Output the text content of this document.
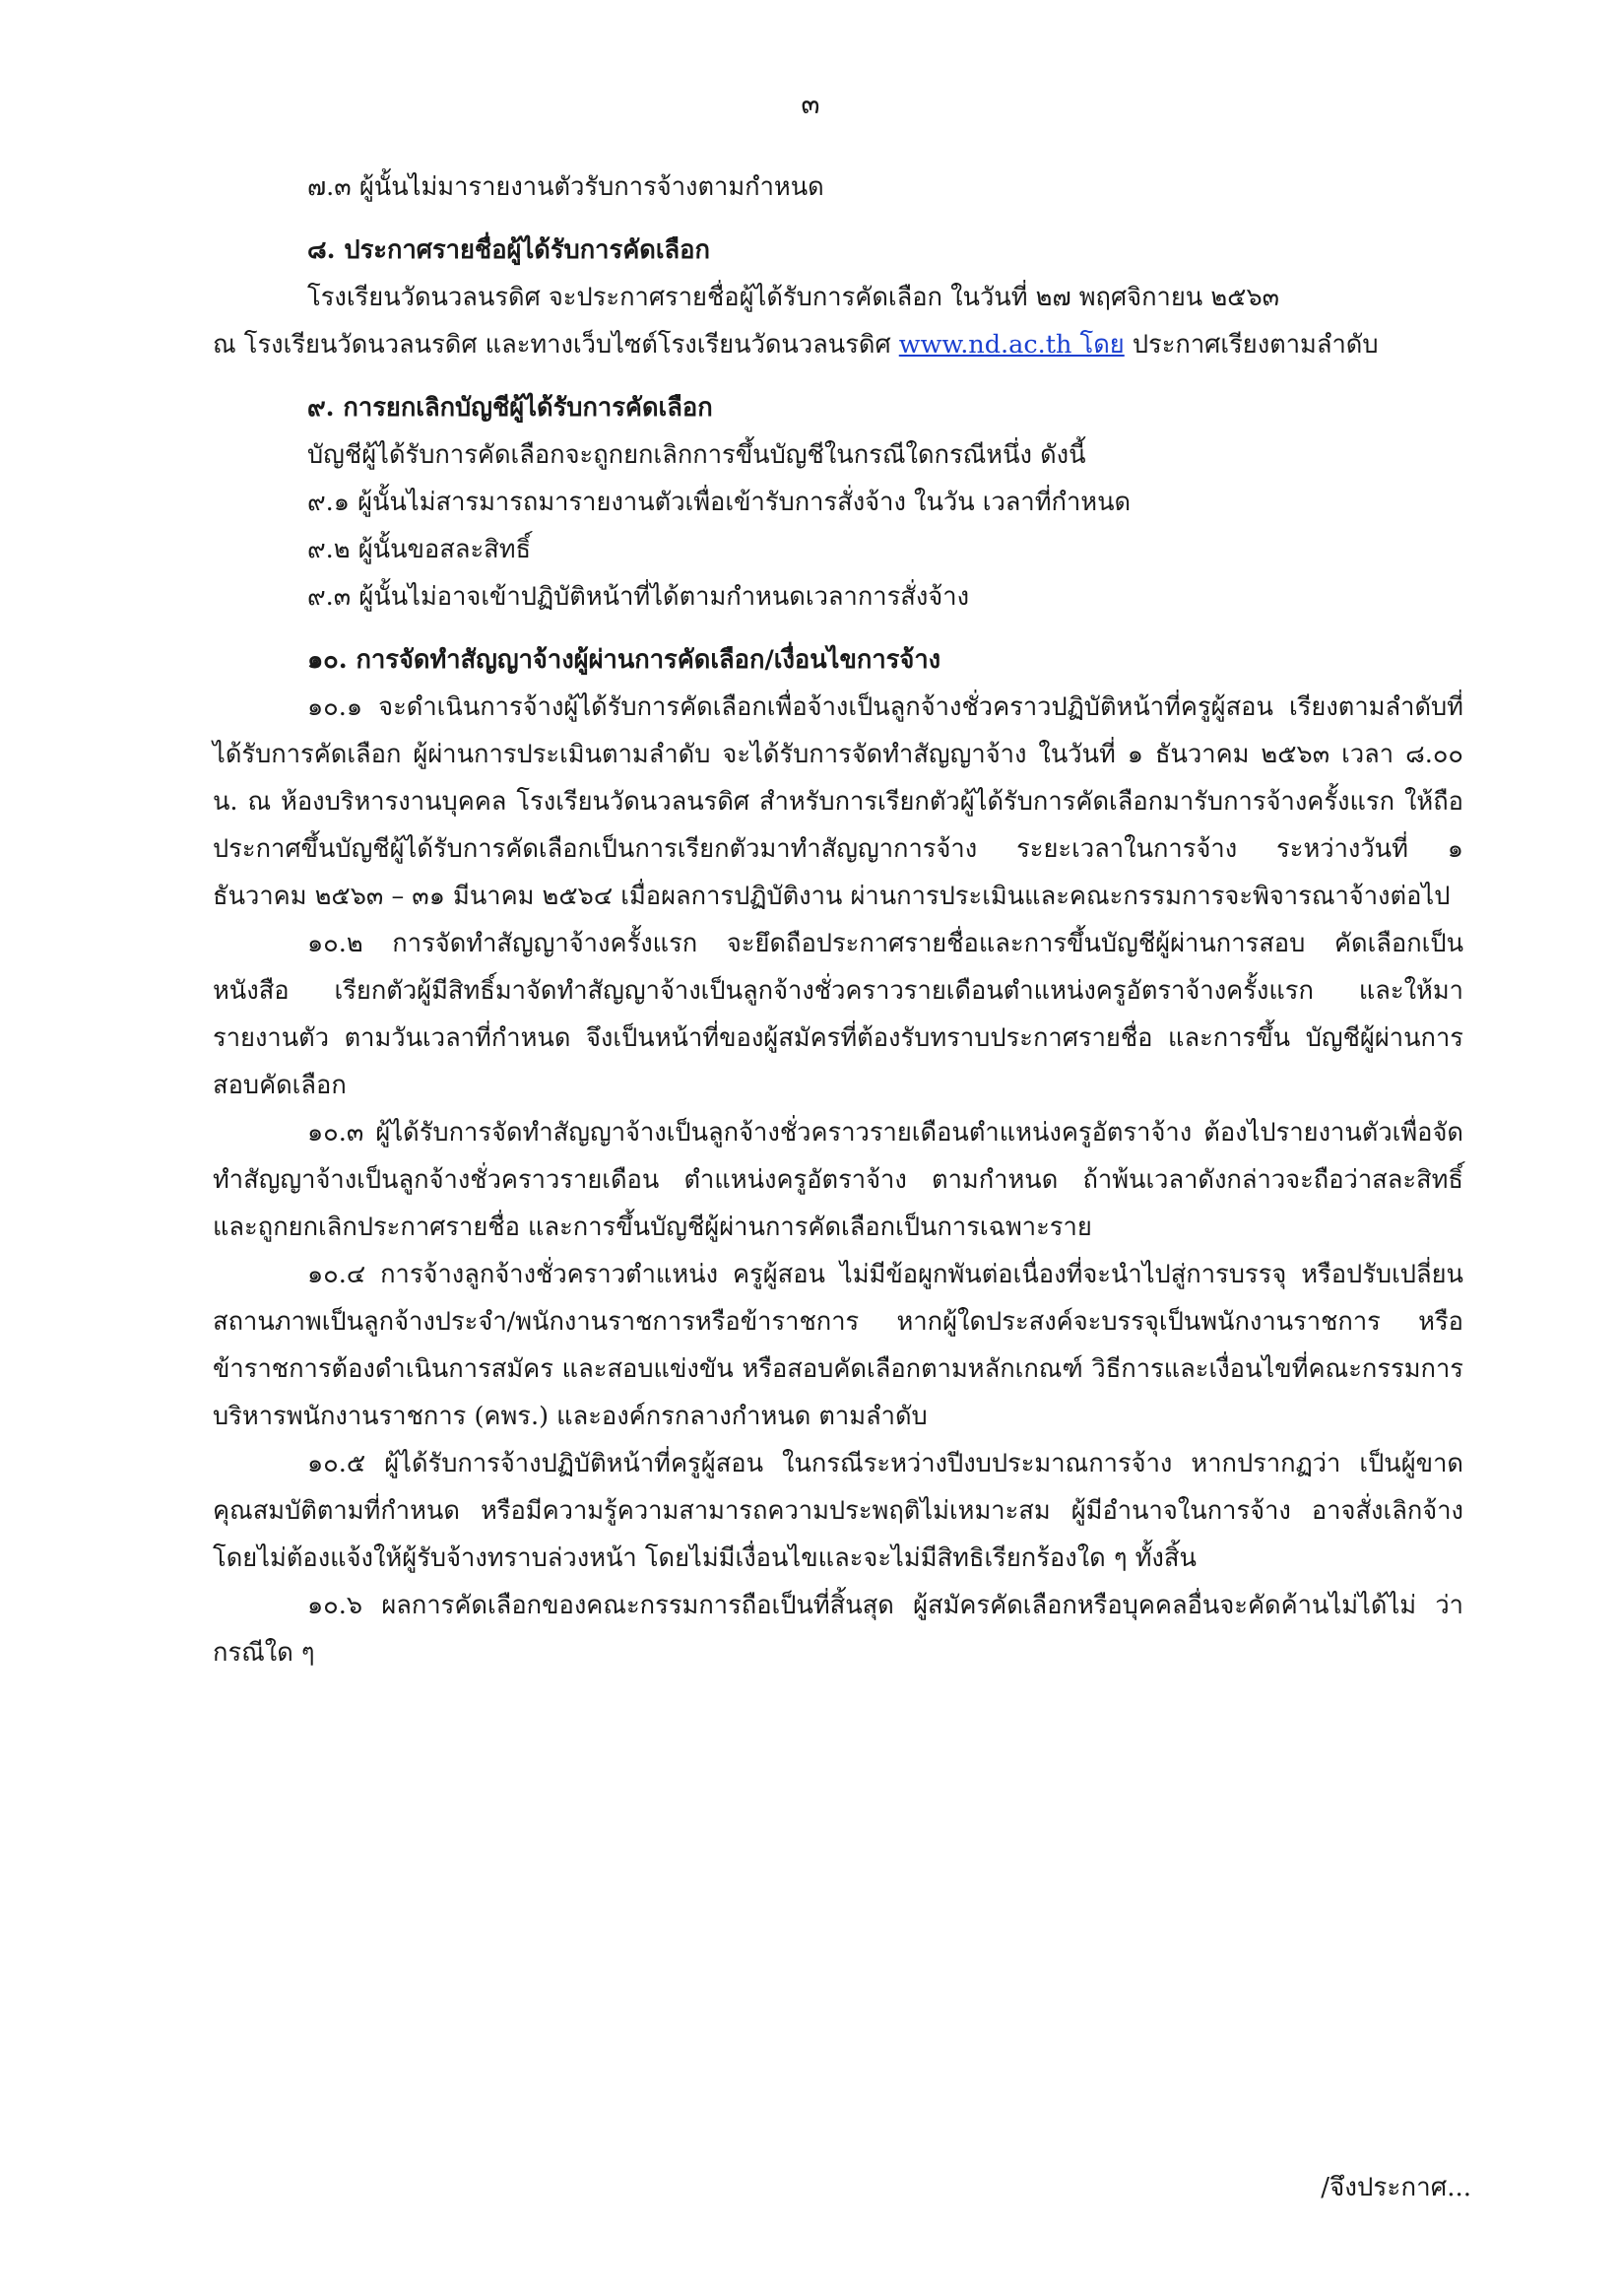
๓
๗.๓ ผู้นั้นไม่มารายงานตัวรับการจ้างตามกำหนด
๘. ประกาศรายชื่อผู้ได้รับการคัดเลือก
โรงเรียนวัดนวลนรดิศ จะประกาศรายชื่อผู้ได้รับการคัดเลือก ในวันที่ ๒๗ พฤศจิกายน ๒๕๖๓
ณ โรงเรียนวัดนวลนรดิศ และทางเว็บไซต์โรงเรียนวัดนวลนรดิศ www.nd.ac.th โดย ประกาศเรียงตามลำดับ
๙. การยกเลิกบัญชีผู้ได้รับการคัดเลือก
บัญชีผู้ได้รับการคัดเลือกจะถูกยกเลิกการขึ้นบัญชีในกรณีใดกรณีหนึ่ง ดังนี้
๙.๑ ผู้นั้นไม่สารมารถมารายงานตัวเพื่อเข้ารับการสั่งจ้าง ในวัน เวลาที่กำหนด
๙.๒ ผู้นั้นขอสละสิทธิ์
๙.๓ ผู้นั้นไม่อาจเข้าปฏิบัติหน้าที่ได้ตามกำหนดเวลาการสั่งจ้าง
๑๐. การจัดทำสัญญาจ้างผู้ผ่านการคัดเลือก/เงื่อนไขการจ้าง

๑๐.๑ จะดำเนินการจ้างผู้ได้รับการคัดเลือกเพื่อจ้างเป็นลูกจ้างชั่วคราวปฏิบัติหน้าที่ครูผู้สอน เรียงตามลำดับที่ได้รับการคัดเลือก ผู้ผ่านการประเมินตามลำดับ จะได้รับการจัดทำสัญญาจ้าง ในวันที่ ๑ ธันวาคม ๒๕๖๓ เวลา ๘.๐๐ น. ณ ห้องบริหารงานบุคคล โรงเรียนวัดนวลนรดิศ สำหรับการเรียกตัวผู้ได้รับการคัดเลือกมารับการจ้างครั้งแรก ให้ถือประกาศขึ้นบัญชีผู้ได้รับการคัดเลือกเป็นการเรียกตัวมาทำสัญญาการจ้าง ระยะเวลาในการจ้าง ระหว่างวันที่ ๑ ธันวาคม ๒๕๖๓ – ๓๑ มีนาคม ๒๕๖๔ เมื่อผลการปฏิบัติงาน ผ่านการประเมินและคณะกรรมการจะพิจารณาจ้างต่อไป

๑๐.๒ การจัดทำสัญญาจ้างครั้งแรก จะยึดถือประกาศรายชื่อและการขึ้นบัญชีผู้ผ่านการสอบ คัดเลือกเป็นหนังสือ เรียกตัวผู้มีสิทธิ์มาจัดทำสัญญาจ้างเป็นลูกจ้างชั่วคราวรายเดือนตำแหน่งครูอัตราจ้างครั้งแรก และให้มารายงานตัว ตามวันเวลาที่กำหนด จึงเป็นหน้าที่ของผู้สมัครที่ต้องรับทราบประกาศรายชื่อ และการขึ้น บัญชีผู้ผ่านการสอบคัดเลือก

๑๐.๓ ผู้ได้รับการจัดทำสัญญาจ้างเป็นลูกจ้างชั่วคราวรายเดือนตำแหน่งครูอัตราจ้าง ต้องไปรายงานตัวเพื่อจัดทำสัญญาจ้างเป็นลูกจ้างชั่วคราวรายเดือน ตำแหน่งครูอัตราจ้าง ตามกำหนด ถ้าพ้นเวลาดังกล่าวจะถือว่าสละสิทธิ์ และถูกยกเลิกประกาศรายชื่อ และการขึ้นบัญชีผู้ผ่านการคัดเลือกเป็นการเฉพาะราย

๑๐.๔ การจ้างลูกจ้างชั่วคราวตำแหน่ง ครูผู้สอน ไม่มีข้อผูกพันต่อเนื่องที่จะนำไปสู่การบรรจุ หรือปรับเปลี่ยนสถานภาพเป็นลูกจ้างประจำ/พนักงานราชการหรือข้าราชการ หากผู้ใดประสงค์จะบรรจุเป็นพนักงานราชการ หรือข้าราชการต้องดำเนินการสมัคร และสอบแข่งขัน หรือสอบคัดเลือกตามหลักเกณฑ์ วิธีการและเงื่อนไขที่คณะกรรมการบริหารพนักงานราชการ (คพร.) และองค์กรกลางกำหนด ตามลำดับ

๑๐.๕ ผู้ได้รับการจ้างปฏิบัติหน้าที่ครูผู้สอน ในกรณีระหว่างปีงบประมาณการจ้าง หากปรากฏว่า เป็นผู้ขาดคุณสมบัติตามที่กำหนด หรือมีความรู้ความสามารถความประพฤติไม่เหมาะสม ผู้มีอำนาจในการจ้าง อาจสั่งเลิกจ้าง โดยไม่ต้องแจ้งให้ผู้รับจ้างทราบล่วงหน้า โดยไม่มีเงื่อนไขและจะไม่มีสิทธิเรียกร้องใด ๆ ทั้งสิ้น

๑๐.๖ ผลการคัดเลือกของคณะกรรมการถือเป็นที่สิ้นสุด ผู้สมัครคัดเลือกหรือบุคคลอื่นจะคัดค้านไม่ได้ไม่ ว่ากรณีใด ๆ

/จึงประกาศ...
